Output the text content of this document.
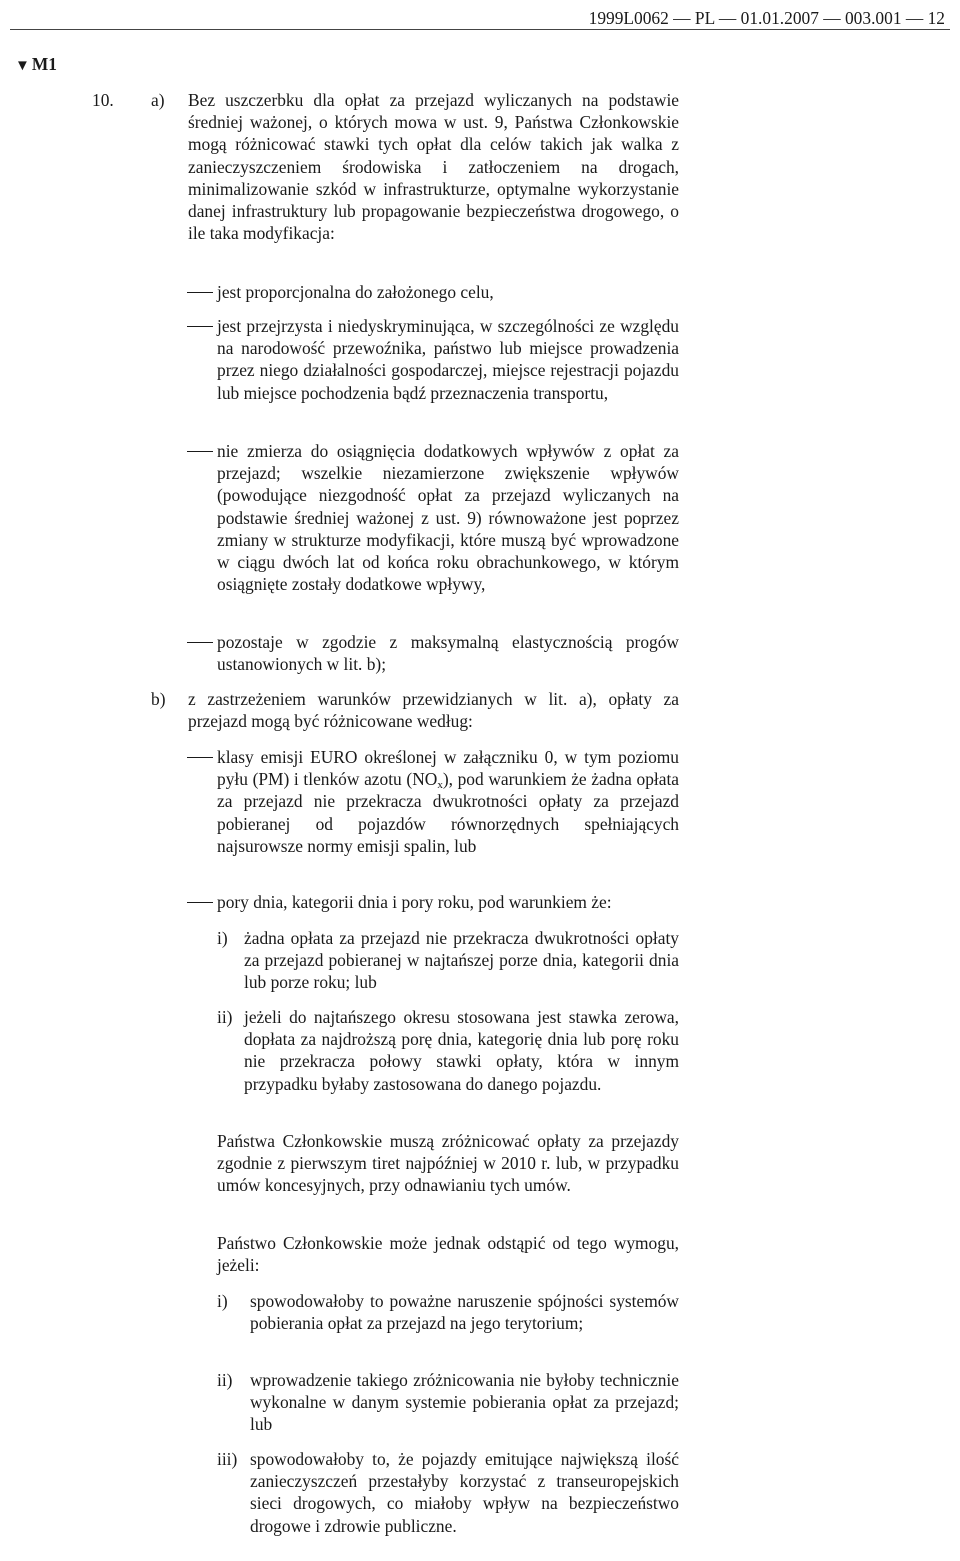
1999L0062 — PL — 01.01.2007 — 003.001 — 12
▼ M1
10. a) Bez uszczerbku dla opłat za przejazd wyliczanych na podstawie średniej ważonej, o których mowa w ust. 9, Państwa Członkowskie mogą różnicować stawki tych opłat dla celów takich jak walka z zanieczyszczeniem środowiska i zatłoczeniem na drogach, minimalizowanie szkód w infrastrukturze, optymalne wykorzystanie danej infrastruktury lub propagowanie bezpieczeństwa drogowego, o ile taka modyfikacja:

jest proporcjonalna do założonego celu,

jest przejrzysta i niedyskryminująca, w szczególności ze względu na narodowość przewoźnika, państwo lub miejsce prowadzenia przez niego działalności gospodarczej, miejsce rejestracji pojazdu lub miejsce pochodzenia bądź przeznaczenia transportu,

nie zmierza do osiągnięcia dodatkowych wpływów z opłat za przejazd; wszelkie niezamierzone zwiększenie wpływów (powodujące niezgodność opłat za przejazd wyliczanych na podstawie średniej ważonej z ust. 9) równoważone jest poprzez zmiany w strukturze modyfikacji, które muszą być wprowadzone w ciągu dwóch lat od końca roku obrachunkowego, w którym osiągnięte zostały dodatkowe wpływy,

pozostaje w zgodzie z maksymalną elastycznością progów ustanowionych w lit. b);

b) z zastrzeżeniem warunków przewidzianych w lit. a), opłaty za przejazd mogą być różnicowane według:

klasy emisji EURO określonej w załączniku 0, w tym poziomu pyłu (PM) i tlenków azotu $(NO_x)$, pod warunkiem że żadna opłata za przejazd nie przekracza dwukrotności opłaty za przejazd pobieranej od pojazdów równorzędnych spełniających najsurowsze normy emisji spalin, lub

pory dnia, kategorii dnia i pory roku, pod warunkiem że:

i) żadna opłata za przejazd nie przekracza dwukrotności opłaty za przejazd pobieranej w najtańszej porze dnia, kategorii dnia lub porze roku; lub

ii) jeżeli do najtańszego okresu stosowana jest stawka zerowa, dopłata za najdroższą porę dnia, kategorię dnia lub porę roku nie przekracza połowy stawki opłaty, która w innym przypadku byłaby zastosowana do danego pojazdu.

Państwa Członkowskie muszą zróżnicować opłaty za przejazdy zgodnie z pierwszym tiret najpóźniej w 2010 r. lub, w przypadku umów koncesyjnych, przy odnawianiu tych umów.

Państwo Członkowskie może jednak odstąpić od tego wymogu, jeżeli:

i) spowodowałoby to poważne naruszenie spójności systemów pobierania opłat za przejazd na jego terytorium;

ii) wprowadzenie takiego zróżnicowania nie byłoby technicznie wykonalne w danym systemie pobierania opłat za przejazd; lub

iii) spowodowałoby to, że pojazdy emitujące największą ilość zanieczyszczeń przestałyby korzystać z transeuropejskich sieci drogowych, co miałoby wpływ na bezpieczeństwo drogowe i zdrowie publiczne.
